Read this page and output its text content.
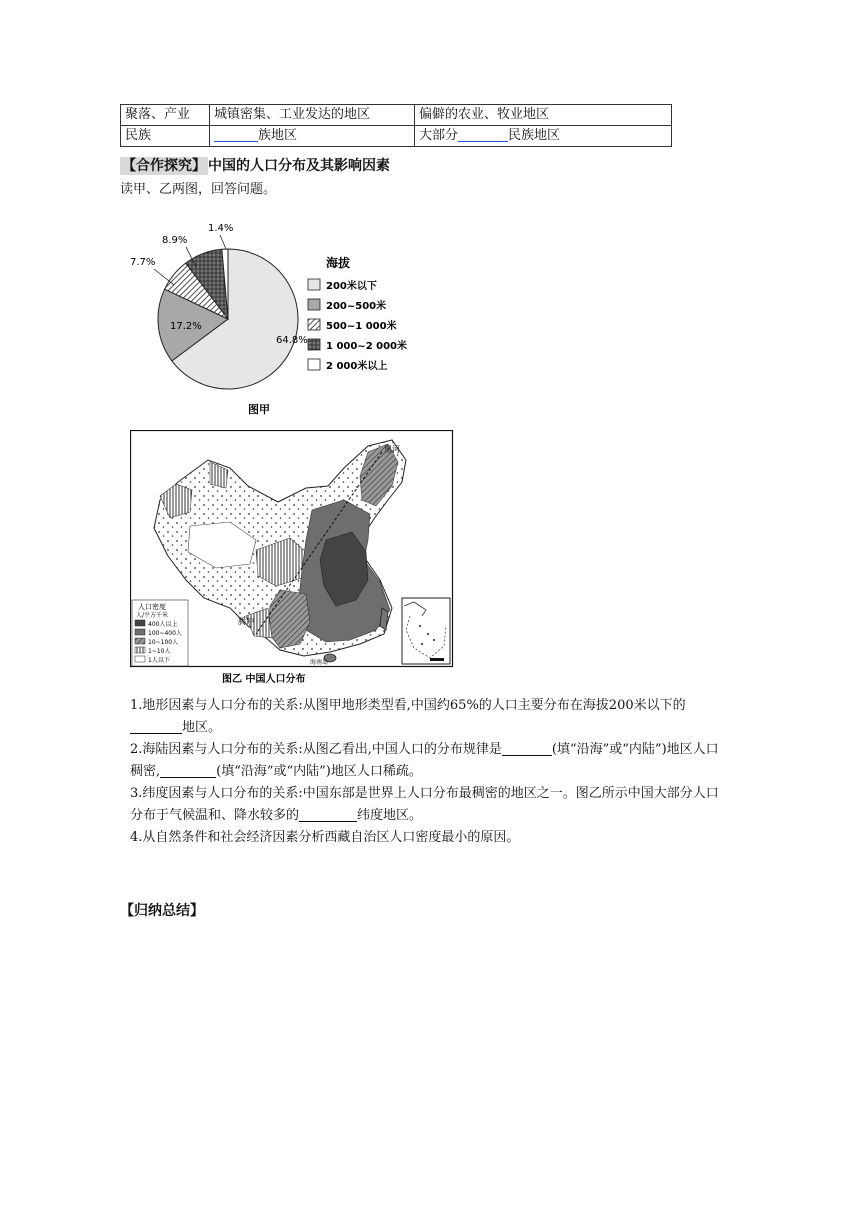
聚落、产业	城镇密集、工业发达的地区	偏僻的农业、牧业地区
民族	族地区	大部分 民族地区
【合作探究】 中国的人口分布及其影响因素
读甲、乙两图，回答问题。
64.8%
17.2%
7.7%
8.9%
1.4%
海拔
200米以下
200~500米
500~1 000米
1 000~2 000米
2 000米以上
图甲
黑河
腾冲
海南岛
人口密度
人/平方千米
400人以上
100~400人
10~100人
1~10人
1人以下
图乙 中国人口分布

1.地形因素与人口分布的关系:从图甲地形类型看,中国约65%的人口主要分布在海拔200米以下的
地区。

2.海陆因素与人口分布的关系:从图乙看出,中国人口的分布规律是	(填“沿海”或“内陆”)地区人口稠密,	(填“沿海”或“内陆”)地区人口稀疏。

3.纬度因素与人口分布的关系:中国东部是世界上人口分布最稠密的地区之一。图乙所示中国大部分人口分布于气候温和、降水较多的	纬度地区。

4.从自然条件和社会经济因素分析西藏自治区人口密度最小的原因。

【归纳总结】
